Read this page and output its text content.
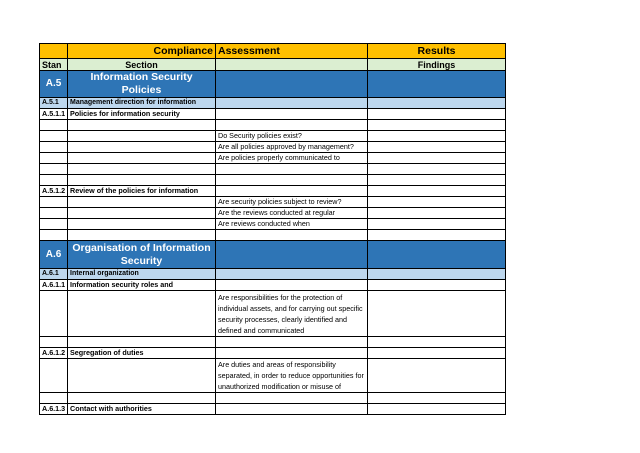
	Compliance	Assessment	Results
Stan	Section		Findings
A.5	Information Security Policies		
A.5.1	Management direction for information		
A.5.1.1	Policies for information security		

		Do Security policies exist?	
		Are all policies approved by management?	
		Are policies properly communicated to	

A.5.1.2	Review of the policies for information		
		Are security policies subject to review?	
		Are the reviews conducted at regular	
		Are reviews conducted when	

A.6	Organisation of Information Security		
A.6.1	Internal organization		
A.6.1.1	Information security roles and		
		Are responsibilities for the protection of individual assets, and for carrying out specific security processes, clearly identified and defined and communicated	

A.6.1.2	Segregation of duties		
		Are duties and areas of responsibility separated, in order to reduce opportunities for unauthorized modification or misuse of	

A.6.1.3	Contact with authorities		
